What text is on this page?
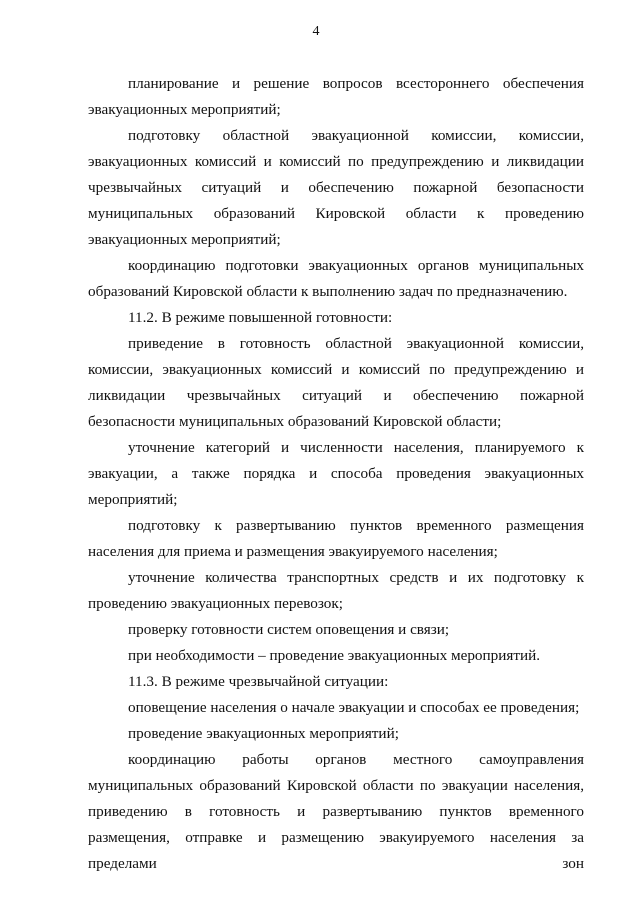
4

планирование и решение вопросов всестороннего обеспечения эвакуационных мероприятий;

подготовку областной эвакуационной комиссии, комиссии, эвакуационных комиссий и комиссий по предупреждению и ликвидации чрезвычайных ситуаций и обеспечению пожарной безопасности муниципальных образований Кировской области к проведению эвакуационных мероприятий;

координацию подготовки эвакуационных органов муниципальных образований Кировской области к выполнению задач по предназначению.

11.2. В режиме повышенной готовности:

приведение в готовность областной эвакуационной комиссии, комиссии, эвакуационных комиссий и комиссий по предупреждению и ликвидации чрезвычайных ситуаций и обеспечению пожарной безопасности муниципальных образований Кировской области;

уточнение категорий и численности населения, планируемого к эвакуации, а также порядка и способа проведения эвакуационных мероприятий;

подготовку к развертыванию пунктов временного размещения населения для приема и размещения эвакуируемого населения;

уточнение количества транспортных средств и их подготовку к проведению эвакуационных перевозок;

проверку готовности систем оповещения и связи;

при необходимости – проведение эвакуационных мероприятий.

11.3. В режиме чрезвычайной ситуации:

оповещение населения о начале эвакуации и способах ее проведения;

проведение эвакуационных мероприятий;

координацию работы органов местного самоуправления муниципальных образований Кировской области по эвакуации населения, приведению в готовность и развертыванию пунктов временного размещения, отправке и размещению эвакуируемого населения за пределами зон
